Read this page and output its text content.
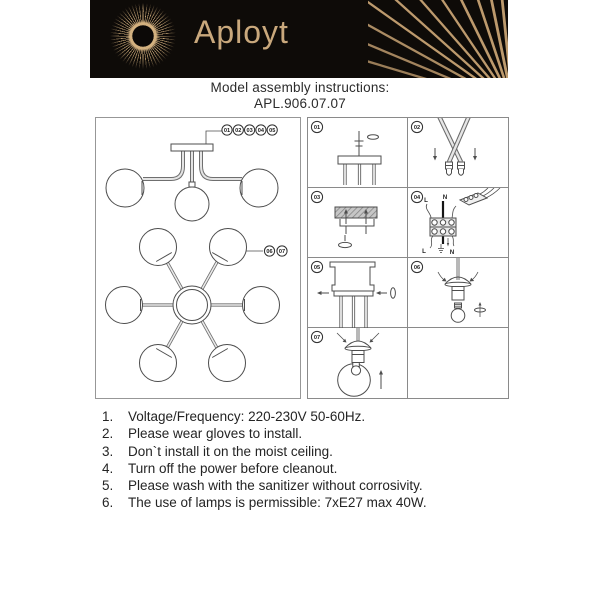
Aployt
Model assembly instructions:
APL.906.07.07
01 02 03 04 05
06 07
01	02
03	04 L N
L	N
05	06
07
1.	Voltage/Frequency: 220-230V 50-60Hz.
2.	Please wear gloves to install.
3.	Don`t install it on the moist ceiling.
4.	Turn off the power before cleanout.
5.	Please wash with the sanitizer without corrosivity.
6.	The use of lamps is permissible: 7xE27 max 40W.
